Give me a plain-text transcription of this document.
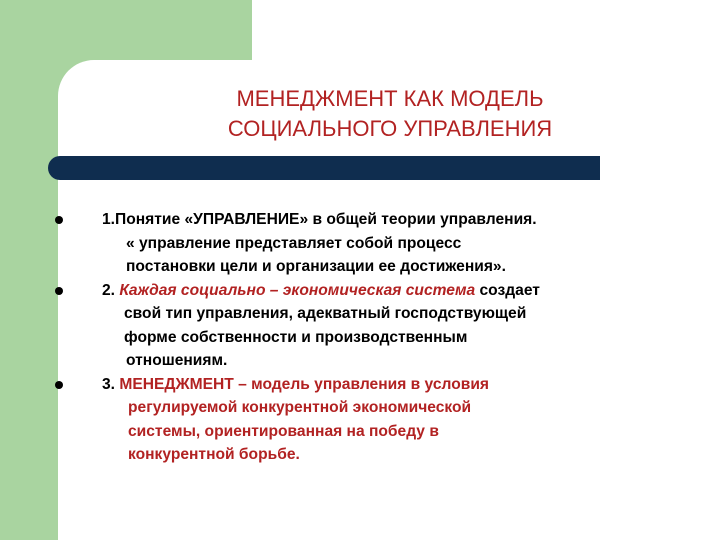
МЕНЕДЖМЕНТ КАК МОДЕЛЬ
СОЦИАЛЬНОГО УПРАВЛЕНИЯ
1.Понятие «УПРАВЛЕНИЕ» в общей теории управления.
« управление представляет собой процесс
постановки цели и организации ее достижения».
2. Каждая социально – экономическая система создает
свой тип управления, адекватный господствующей
форме собственности и производственным
отношениям.
3. МЕНЕДЖМЕНТ – модель управления в условия
регулируемой конкурентной экономической
системы, ориентированная на победу в
конкурентной борьбе.
